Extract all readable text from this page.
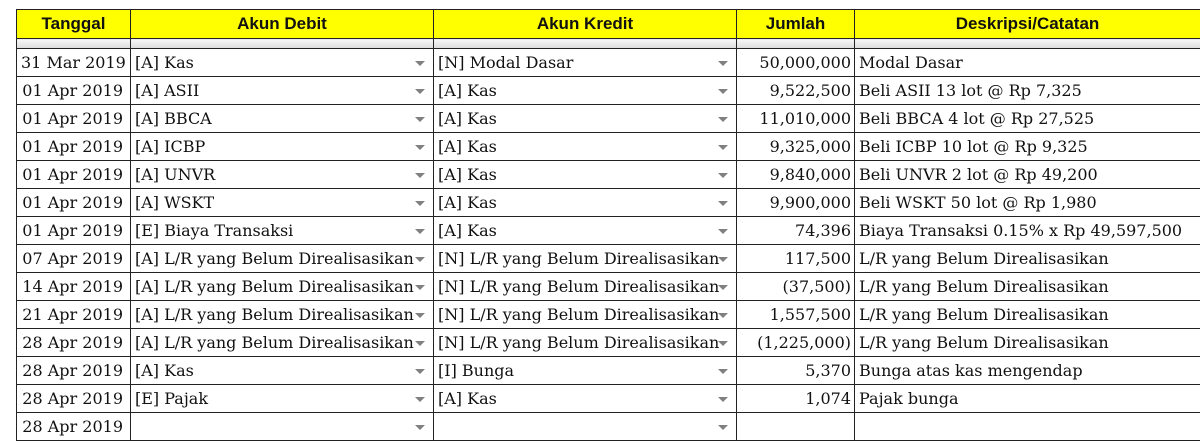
Tanggal	Akun Debit	Akun Kredit	Jumlah	Deskripsi/Catatan

31 Mar 2019	[A] Kas	[N] Modal Dasar	50,000,000	Modal Dasar
01 Apr 2019	[A] ASII	[A] Kas	9,522,500	Beli ASII 13 lot @ Rp 7,325
01 Apr 2019	[A] BBCA	[A] Kas	11,010,000	Beli BBCA 4 lot @ Rp 27,525
01 Apr 2019	[A] ICBP	[A] Kas	9,325,000	Beli ICBP 10 lot @ Rp 9,325
01 Apr 2019	[A] UNVR	[A] Kas	9,840,000	Beli UNVR 2 lot @ Rp 49,200
01 Apr 2019	[A] WSKT	[A] Kas	9,900,000	Beli WSKT 50 lot @ Rp 1,980
01 Apr 2019	[E] Biaya Transaksi	[A] Kas	74,396	Biaya Transaksi 0.15% x Rp 49,597,500
07 Apr 2019	[A] L/R yang Belum Direalisasikan	[N] L/R yang Belum Direalisasikan	117,500	L/R yang Belum Direalisasikan
14 Apr 2019	[A] L/R yang Belum Direalisasikan	[N] L/R yang Belum Direalisasikan	(37,500)	L/R yang Belum Direalisasikan
21 Apr 2019	[A] L/R yang Belum Direalisasikan	[N] L/R yang Belum Direalisasikan	1,557,500	L/R yang Belum Direalisasikan
28 Apr 2019	[A] L/R yang Belum Direalisasikan	[N] L/R yang Belum Direalisasikan	(1,225,000)	L/R yang Belum Direalisasikan
28 Apr 2019	[A] Kas	[I] Bunga	5,370	Bunga atas kas mengendap
28 Apr 2019	[E] Pajak	[A] Kas	1,074	Pajak bunga
28 Apr 2019	
